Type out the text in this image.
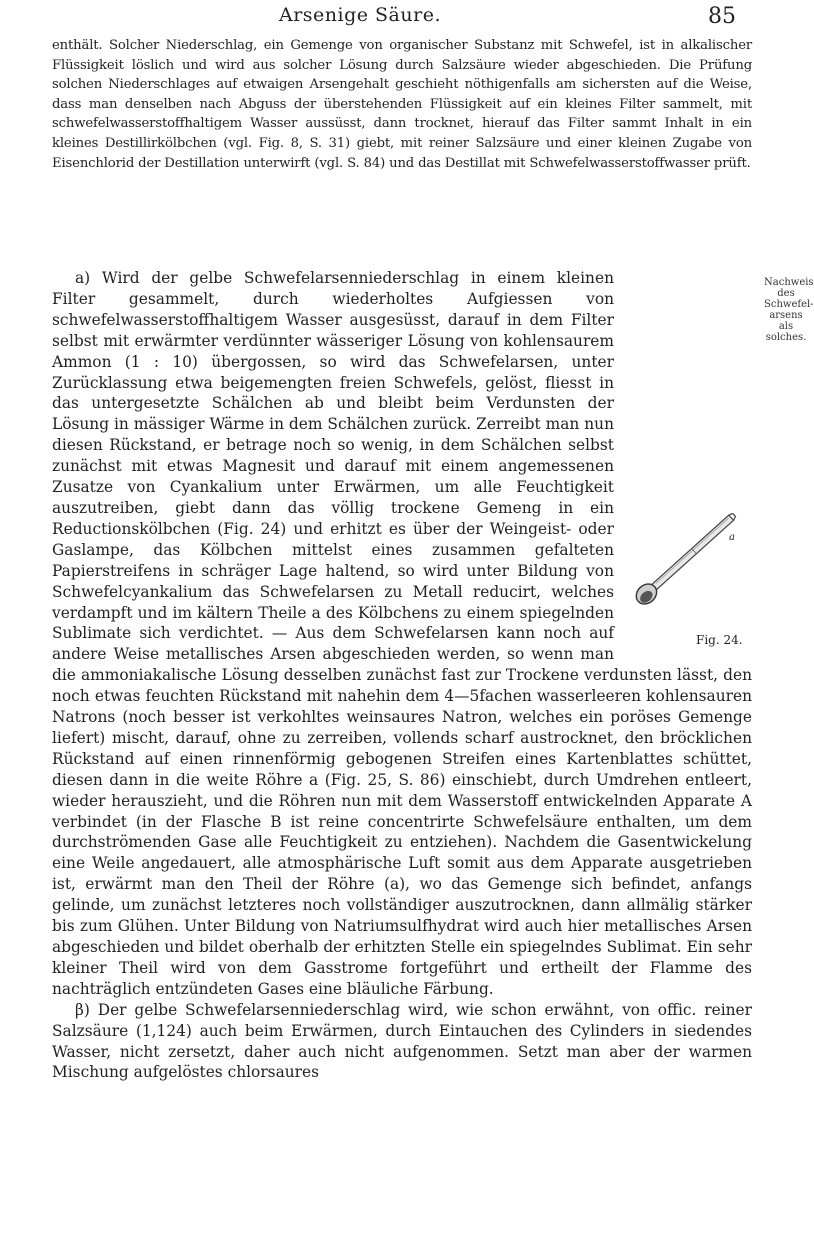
Arsenige Säure.	85

enthält. Solcher Niederschlag, ein Gemenge von organischer Substanz mit Schwefel, ist in alkalischer Flüssigkeit löslich und wird aus solcher Lösung durch Salzsäure wieder abgeschieden. Die Prüfung solchen Niederschlages auf etwaigen Arsengehalt geschieht nöthigenfalls am sichersten auf die Weise, dass man denselben nach Abguss der überstehenden Flüssigkeit auf ein kleines Filter sammelt, mit schwefelwasserstoffhaltigem Wasser aussüsst, dann trocknet, hierauf das Filter sammt Inhalt in ein kleines Destillirkölbchen (vgl. Fig. 8, S. 31) giebt, mit reiner Salzsäure und einer kleinen Zugabe von Eisenchlorid der Destillation unterwirft (vgl. S. 84) und das Destillat mit Schwefelwasserstoffwasser prüft.

Nachweis des Schwefel-arsens als solches.
a
Fig. 24.

a) Wird der gelbe Schwefelarsenniederschlag in einem kleinen Filter gesammelt, durch wiederholtes Aufgiessen von schwefelwasserstoffhaltigem Wasser ausgesüsst, darauf in dem Filter selbst mit erwärmter verdünnter wässeriger Lösung von kohlensaurem Ammon (1 : 10) übergossen, so wird das Schwefelarsen, unter Zurücklassung etwa beigemengten freien Schwefels, gelöst, fliesst in das untergesetzte Schälchen ab und bleibt beim Verdunsten der Lösung in mässiger Wärme in dem Schälchen zurück. Zerreibt man nun diesen Rückstand, er betrage noch so wenig, in dem Schälchen selbst zunächst mit etwas Magnesit und darauf mit einem angemessenen Zusatze von Cyankalium unter Erwärmen, um alle Feuchtigkeit auszutreiben, giebt dann das völlig trockene Gemeng in ein Reductionskölbchen (Fig. 24) und erhitzt es über der Weingeist- oder Gaslampe, das Kölbchen mittelst eines zusammen gefalteten Papierstreifens in schräger Lage haltend, so wird unter Bildung von Schwefelcyankalium das Schwefelarsen zu Metall reducirt, welches verdampft und im kältern Theile a des Kölbchens zu einem spiegelnden Sublimate sich verdichtet. — Aus dem Schwefelarsen kann noch auf andere Weise metallisches Arsen abgeschieden werden, so wenn man die ammoniakalische Lösung desselben zunächst fast zur Trockene verdunsten lässt, den noch etwas feuchten Rückstand mit nahehin dem 4—5fachen wasserleeren kohlensauren Natrons (noch besser ist verkohltes weinsaures Natron, welches ein poröses Gemenge liefert) mischt, darauf, ohne zu zerreiben, vollends scharf austrocknet, den bröcklichen Rückstand auf einen rinnenförmig gebogenen Streifen eines Kartenblattes schüttet, diesen dann in die weite Röhre a (Fig. 25, S. 86) einschiebt, durch Umdrehen entleert, wieder herauszieht, und die Röhren nun mit dem Wasserstoff entwickelnden Apparate A verbindet (in der Flasche B ist reine concentrirte Schwefelsäure enthalten, um dem durchströmenden Gase alle Feuchtigkeit zu entziehen). Nachdem die Gasentwickelung eine Weile angedauert, alle atmosphärische Luft somit aus dem Apparate ausgetrieben ist, erwärmt man den Theil der Röhre (a), wo das Gemenge sich befindet, anfangs gelinde, um zunächst letzteres noch vollständiger auszutrocknen, dann allmälig stärker bis zum Glühen. Unter Bildung von Natriumsulfhydrat wird auch hier metallisches Arsen abgeschieden und bildet oberhalb der erhitzten Stelle ein spiegelndes Sublimat. Ein sehr kleiner Theil wird von dem Gasstrome fortgeführt und ertheilt der Flamme des nachträglich entzündeten Gases eine bläuliche Färbung.

β) Der gelbe Schwefelarsenniederschlag wird, wie schon erwähnt, von offic. reiner Salzsäure (1,124) auch beim Erwärmen, durch Eintauchen des Cylinders in siedendes Wasser, nicht zersetzt, daher auch nicht aufgenommen. Setzt man aber der warmen Mischung aufgelöstes chlorsaures
